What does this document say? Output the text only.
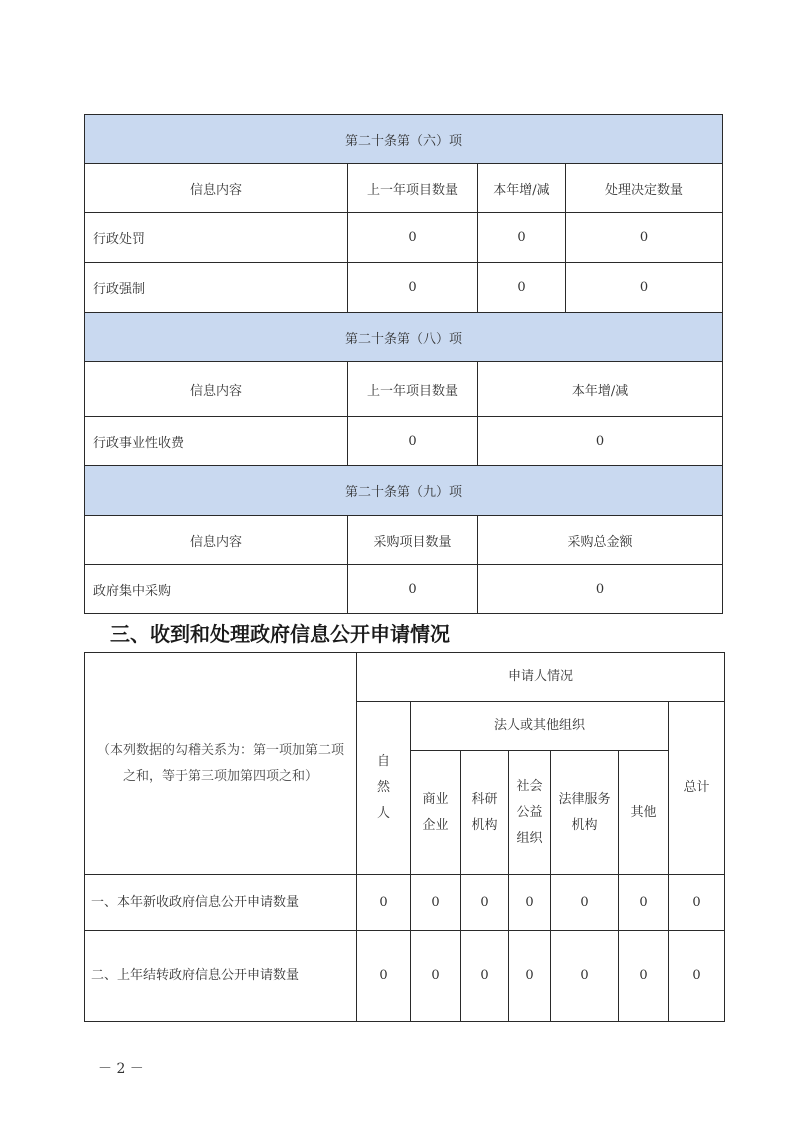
第二十条第（六）项			
信息内容	上一年项目数量	本年增/减	处理决定数量
行政处罚	0	0	0
行政强制	0	0	0
第二十条第（八）项			
信息内容	上一年项目数量	本年增/减	
行政事业性收费	0	0	
第二十条第（九）项			
信息内容	采购项目数量	采购总金额	
政府集中采购	0	0	
三、收到和处理政府信息公开申请情况
（本列数据的勾稽关系为：第一项加第二项之和，等于第三项加第四项之和）	申请人情况						
	自然人	法人或其他组织					总计
		商业企业	科研机构	社会公益组织	法律服务机构	其他	

一、本年新收政府信息公开申请数量	0	0	0	0	0	0	0
二、上年结转政府信息公开申请数量	0	0	0	0	0	0	0
－ 2 －
